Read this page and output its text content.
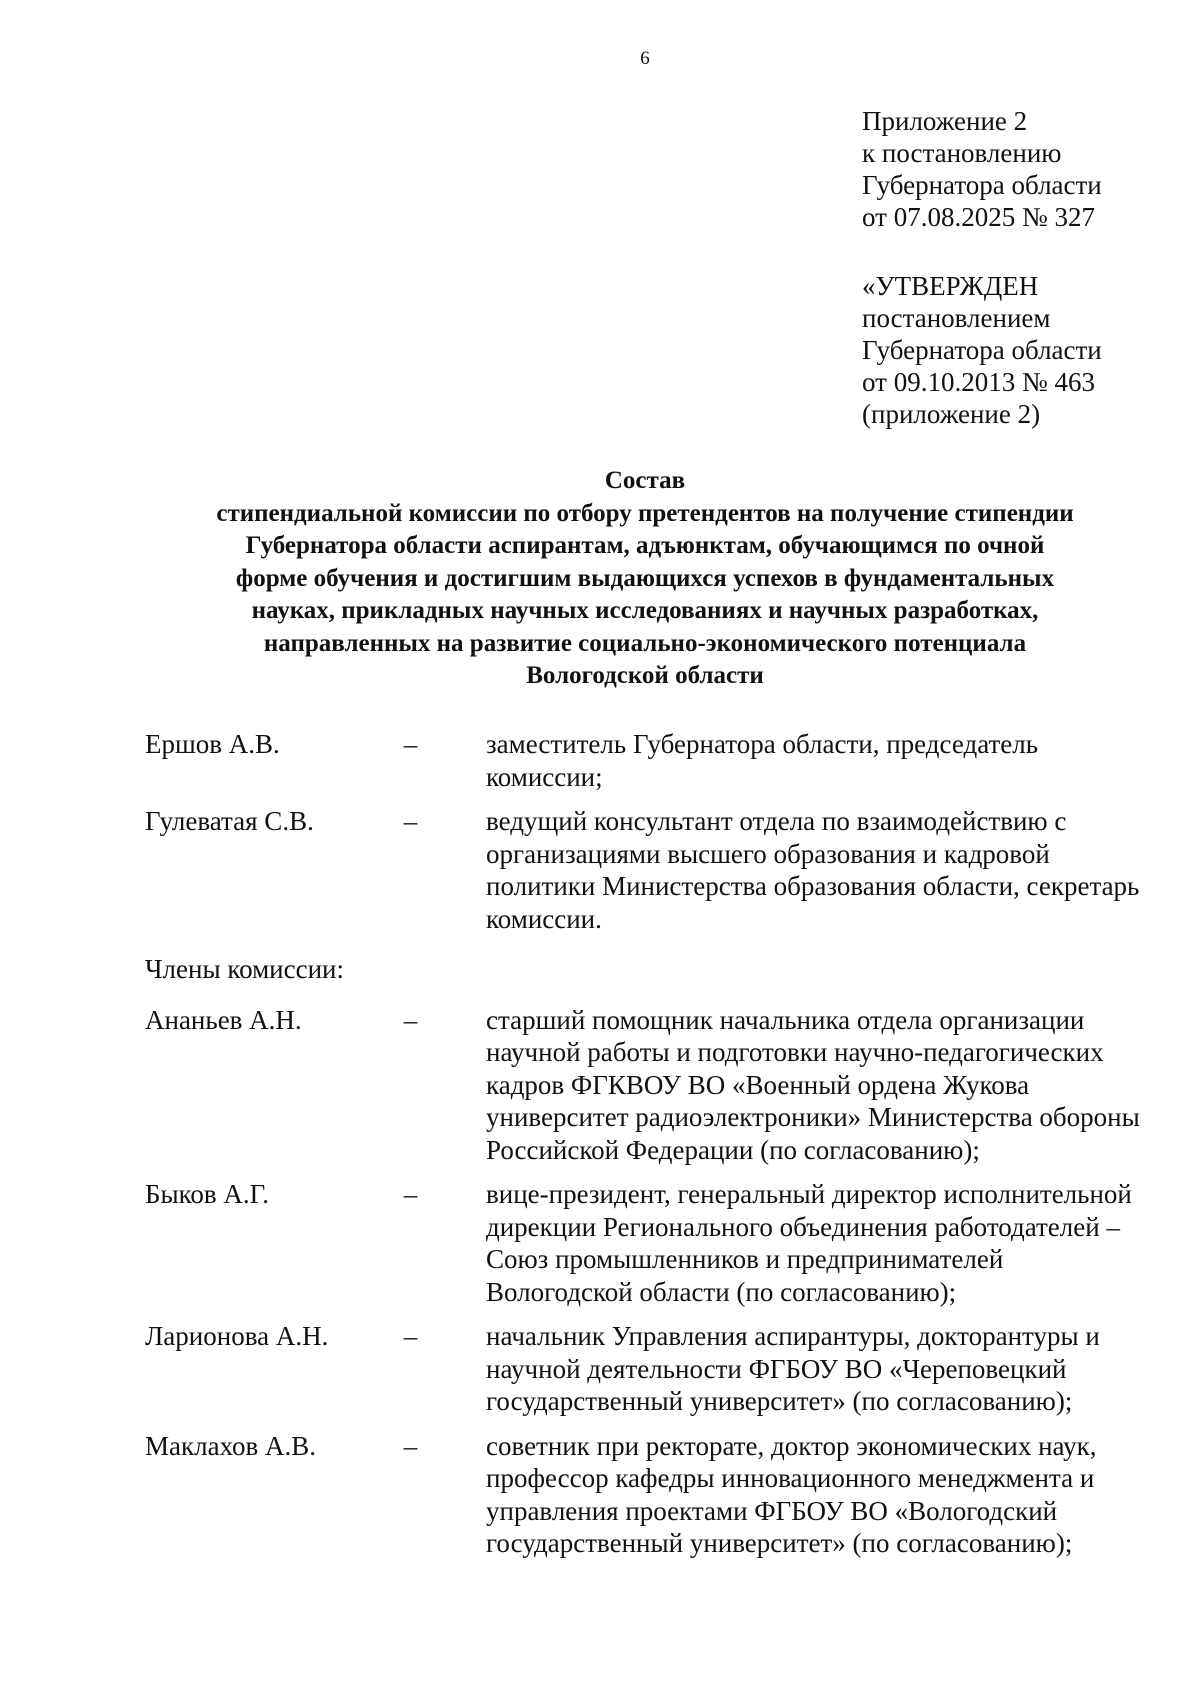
6
Приложение 2
к постановлению
Губернатора области
от 07.08.2025 № 327
«УТВЕРЖДЕН
постановлением
Губернатора области
от 09.10.2013 № 463
(приложение 2)
Состав
стипендиальной комиссии по отбору претендентов на получение стипендии
Губернатора области аспирантам, адъюнктам, обучающимся по очной
форме обучения и достигшим выдающихся успехов в фундаментальных
науках, прикладных научных исследованиях и научных разработках,
направленных на развитие социально-экономического потенциала
Вологодской области
Ершов А.В.	–	заместитель Губернатора области, председатель комиссии;
Гулеватая С.В.	–	ведущий консультант отдела по взаимодействию с организациями высшего образования и кадровой политики Министерства образования области, секретарь комиссии.
Члены комиссии:
Ананьев А.Н.	–	старший помощник начальника отдела организации научной работы и подготовки научно-педагогических кадров ФГКВОУ ВО «Военный ордена Жукова университет радиоэлектроники» Министерства обороны Российской Федерации (по согласованию);
Быков А.Г.	–	вице-президент, генеральный директор исполнительной дирекции Регионального объединения работодателей – Союз промышленников и предпринимателей Вологодской области (по согласованию);
Ларионова А.Н.	–	начальник Управления аспирантуры, докторантуры и научной деятельности ФГБОУ ВО «Череповецкий государственный университет» (по согласованию);
Маклахов А.В.	–	советник при ректорате, доктор экономических наук, профессор кафедры инновационного менеджмента и управления проектами ФГБОУ ВО «Вологодский государственный университет» (по согласованию);
